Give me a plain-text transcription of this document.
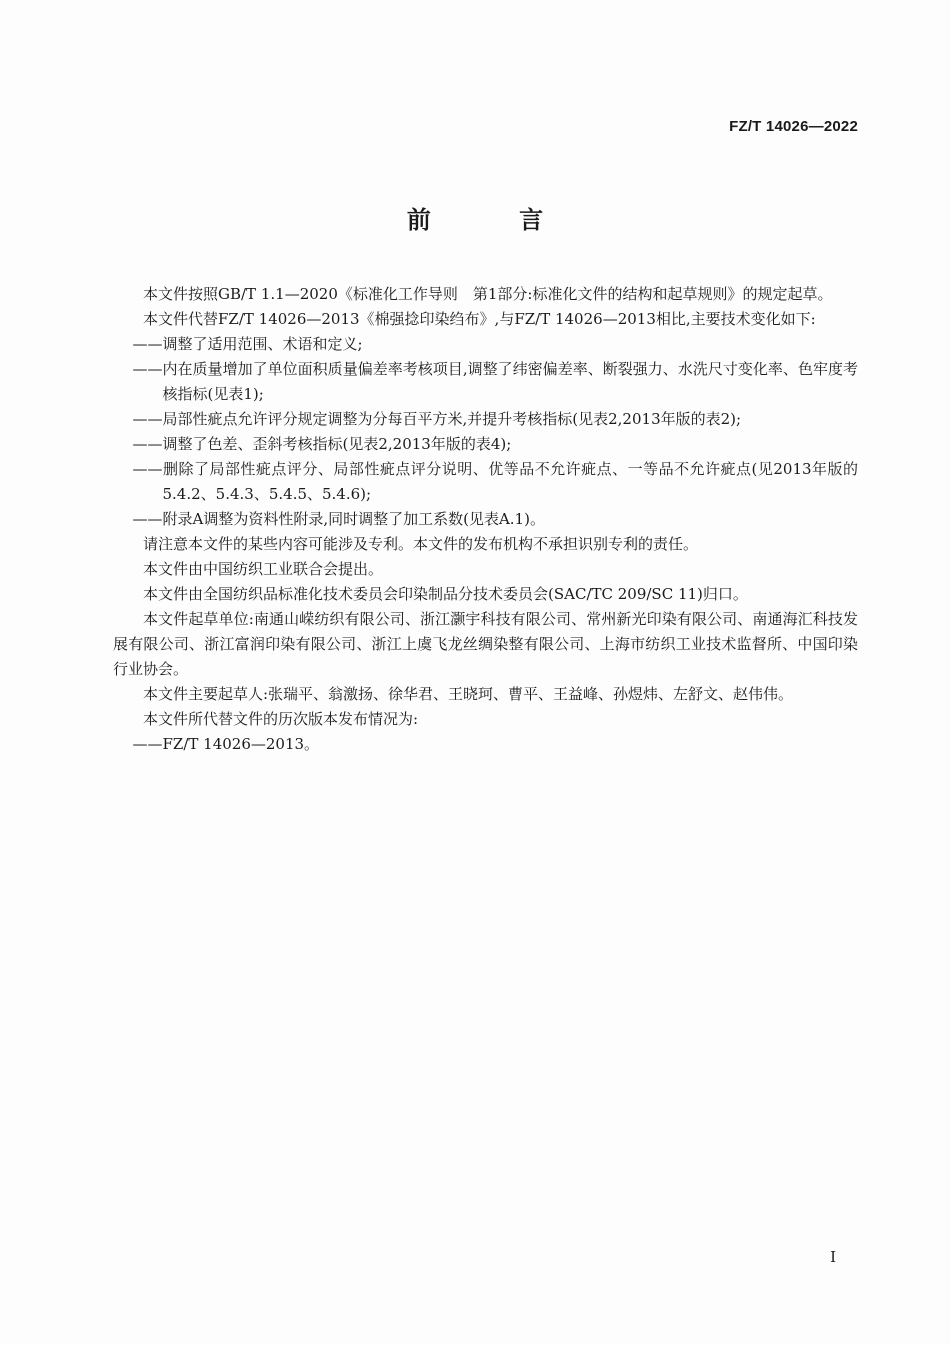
FZ/T 14026—2022
前 言

本文件按照GB/T 1.1—2020《标准化工作导则　第1部分:标准化文件的结构和起草规则》的规定起草。

本文件代替FZ/T 14026—2013《棉强捻印染绉布》,与FZ/T 14026—2013相比,主要技术变化如下:

——调整了适用范围、术语和定义;

——内在质量增加了单位面积质量偏差率考核项目,调整了纬密偏差率、断裂强力、水洗尺寸变化率、色牢度考核指标(见表1);

——局部性疵点允许评分规定调整为分每百平方米,并提升考核指标(见表2,2013年版的表2);

——调整了色差、歪斜考核指标(见表2,2013年版的表4);

——删除了局部性疵点评分、局部性疵点评分说明、优等品不允许疵点、一等品不允许疵点(见2013年版的5.4.2、5.4.3、5.4.5、5.4.6);

——附录A调整为资料性附录,同时调整了加工系数(见表A.1)。

请注意本文件的某些内容可能涉及专利。本文件的发布机构不承担识别专利的责任。

本文件由中国纺织工业联合会提出。

本文件由全国纺织品标准化技术委员会印染制品分技术委员会(SAC/TC 209/SC 11)归口。

本文件起草单位:南通山嵘纺织有限公司、浙江灏宇科技有限公司、常州新光印染有限公司、南通海汇科技发展有限公司、浙江富润印染有限公司、浙江上虞飞龙丝绸染整有限公司、上海市纺织工业技术监督所、中国印染行业协会。

本文件主要起草人:张瑞平、翁激扬、徐华君、王晓珂、曹平、王益峰、孙煜炜、左舒文、赵伟伟。

本文件所代替文件的历次版本发布情况为:

——FZ/T 14026—2013。

I
